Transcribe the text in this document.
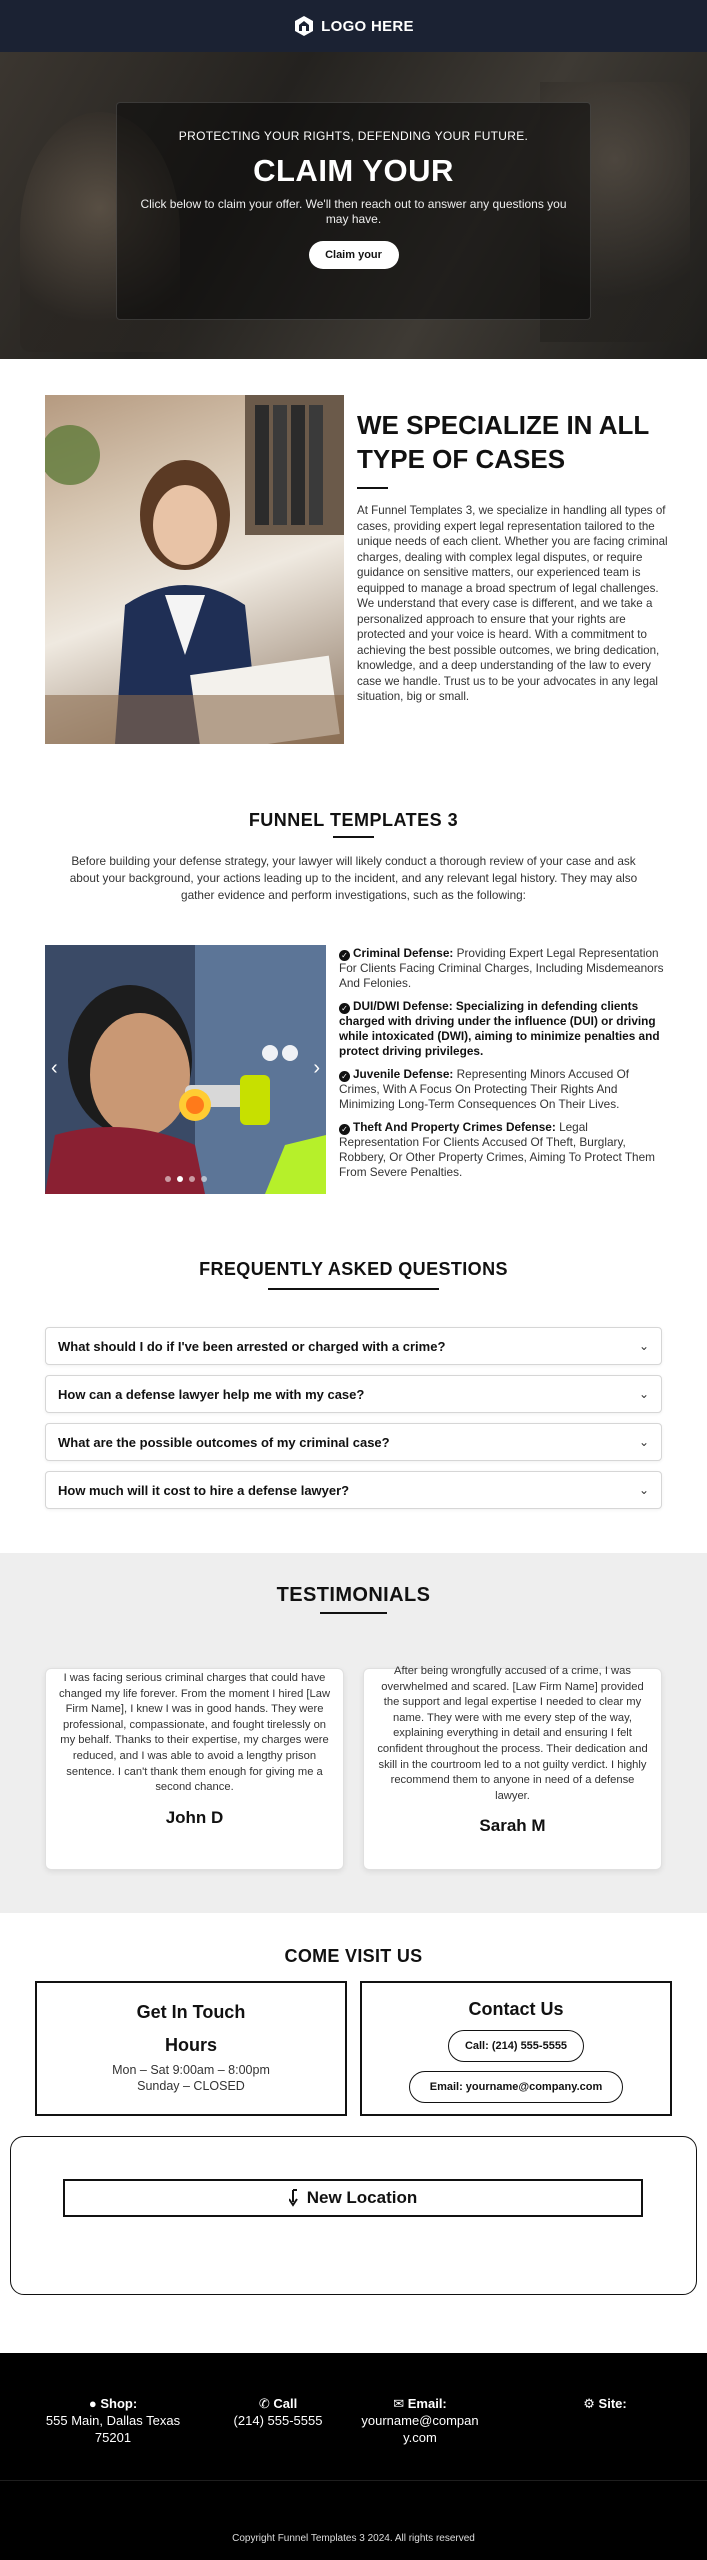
LOGO HERE
PROTECTING YOUR RIGHTS, DEFENDING YOUR FUTURE.
CLAIM YOUR
Click below to claim your offer. We'll then reach out to answer any questions you may have.
Claim your
WE SPECIALIZE IN ALL TYPE OF CASES

At Funnel Templates 3, we specialize in handling all types of cases, providing expert legal representation tailored to the unique needs of each client. Whether you are facing criminal charges, dealing with complex legal disputes, or require guidance on sensitive matters, our experienced team is equipped to manage a broad spectrum of legal challenges. We understand that every case is different, and we take a personalized approach to ensure that your rights are protected and your voice is heard. With a commitment to achieving the best possible outcomes, we bring dedication, knowledge, and a deep understanding of the law to every case we handle. Trust us to be your advocates in any legal situation, big or small.

FUNNEL TEMPLATES 3

Before building your defense strategy, your lawyer will likely conduct a thorough review of your case and ask about your background, your actions leading up to the incident, and any relevant legal history. They may also gather evidence and perform investigations, such as the following:

‹	›

✓ Criminal Defense: Providing Expert Legal Representation For Clients Facing Criminal Charges, Including Misdemeanors And Felonies.

✓ DUI/DWI Defense: Specializing in defending clients charged with driving under the influence (DUI) or driving while intoxicated (DWI), aiming to minimize penalties and protect driving privileges.

✓ Juvenile Defense: Representing Minors Accused Of Crimes, With A Focus On Protecting Their Rights And Minimizing Long-Term Consequences On Their Lives.

✓ Theft And Property Crimes Defense: Legal Representation For Clients Accused Of Theft, Burglary, Robbery, Or Other Property Crimes, Aiming To Protect Them From Severe Penalties.

FREQUENTLY ASKED QUESTIONS
What should I do if I've been arrested or charged with a crime?	⌄
How can a defense lawyer help me with my case?	⌄
What are the possible outcomes of my criminal case?	⌄
How much will it cost to hire a defense lawyer?	⌄
TESTIMONIALS

I was facing serious criminal charges that could have changed my life forever. From the moment I hired [Law Firm Name], I knew I was in good hands. They were professional, compassionate, and fought tirelessly on my behalf. Thanks to their expertise, my charges were reduced, and I was able to avoid a lengthy prison sentence. I can't thank them enough for giving me a second chance.

John D

After being wrongfully accused of a crime, I was overwhelmed and scared. [Law Firm Name] provided the support and legal expertise I needed to clear my name. They were with me every step of the way, explaining everything in detail and ensuring I felt confident throughout the process. Their dedication and skill in the courtroom led to a not guilty verdict. I highly recommend them to anyone in need of a defense lawyer.

Sarah M
COME VISIT US
Get In Touch
Hours
Mon – Sat 9:00am – 8:00pm
Sunday – CLOSED
Contact Us
Call: (214) 555-5555
Email: yourname@company.com
New Location
● Shop:
555 Main, Dallas Texas 75201
✆ Call
(214) 555-5555
✉ Email:
yourname@company.com
⚙ Site:
Copyright Funnel Templates 3 2024. All rights reserved
